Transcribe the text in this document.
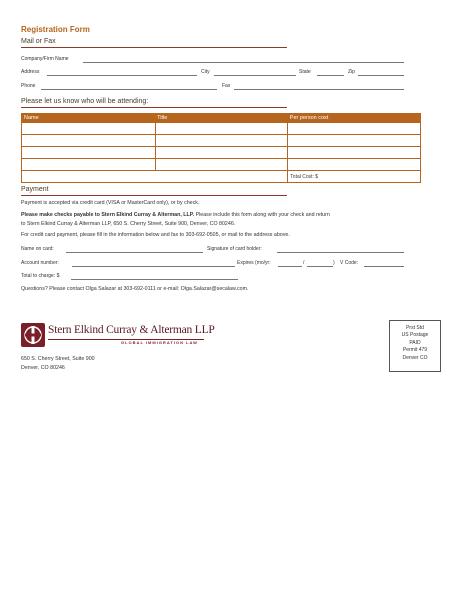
Registration Form
Mail or Fax
Company/Firm Name
Address	City	State	Zip
Phone	Fax
Please let us know who will be attending:
Name	Title	Per person cost

		Total Cost: $
Payment
Payment is accepted via credit card (VISA or MasterCard only), or by check.
Please make checks payable to Stern Elkind Curray & Alterman, LLP. Please include this form along with your check and return
to Stern Elkind Curray & Alterman LLP, 650 S. Cherry Street, Suite 900, Denver, CO 80246.
For credit card payment, please fill in the information below and fax to 303-692-0505, or mail to the address above.
Name on card:	Signature of card holder:
Account number:	Expires (mo/yr:	/	) V Code:
Total to charge: $
Questions? Please contact Olga Salazar at 303-692-0111 or e-mail: Olga.Salazar@secalaw.com.
Stern Elkind Curray & Alterman LLP
GLOBAL IMMIGRATION LAW
650 S. Cherry Street, Suite 900
Denver, CO 80246
Prst Std
US Postage
PAID
Permit 479
Denver CO
